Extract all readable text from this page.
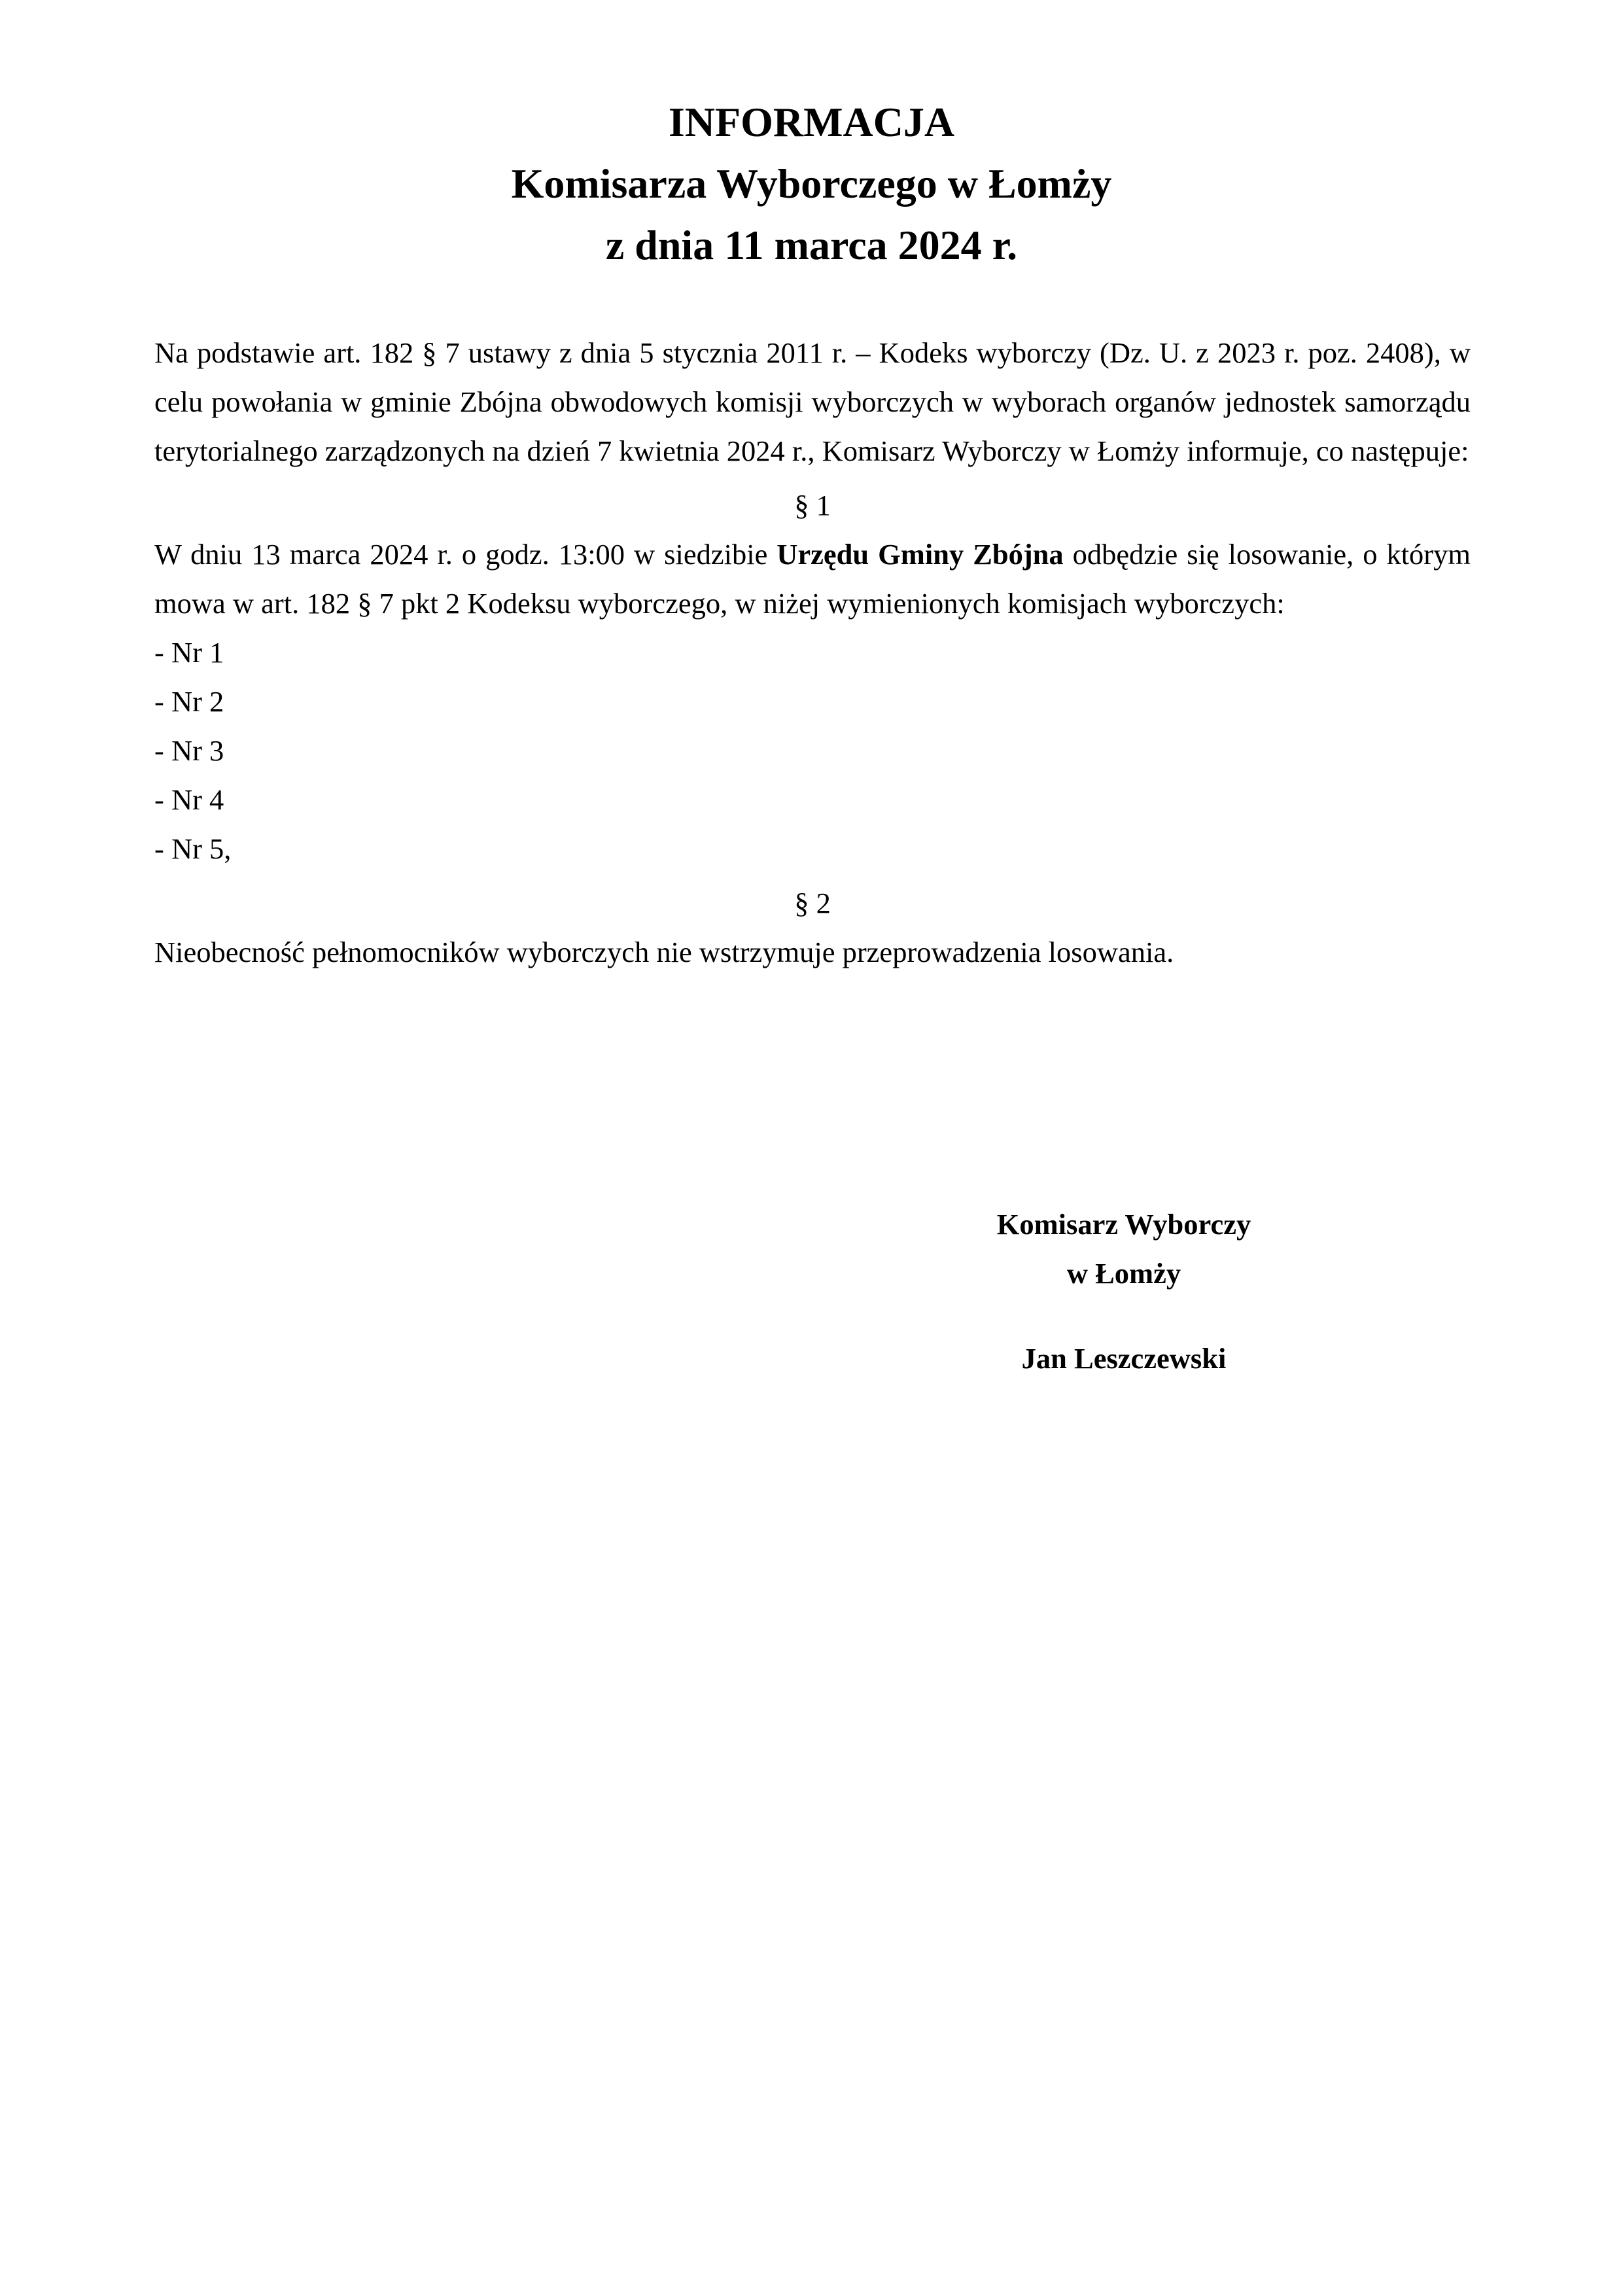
INFORMACJA
Komisarza Wyborczego w Łomży
z dnia 11 marca 2024 r.

Na podstawie art. 182 § 7 ustawy z dnia 5 stycznia 2011 r. – Kodeks wyborczy (Dz. U. z 2023 r. poz. 2408), w celu powołania w gminie Zbójna obwodowych komisji wyborczych w wyborach organów jednostek samorządu terytorialnego zarządzonych na dzień 7 kwietnia 2024 r., Komisarz Wyborczy w Łomży informuje, co następuje:

§ 1

W dniu 13 marca 2024 r. o godz. 13:00 w siedzibie Urzędu Gminy Zbójna odbędzie się losowanie, o którym mowa w art. 182 § 7 pkt 2 Kodeksu wyborczego, w niżej wymienionych komisjach wyborczych:

- Nr 1
- Nr 2
- Nr 3
- Nr 4
- Nr 5,
§ 2

Nieobecność pełnomocników wyborczych nie wstrzymuje przeprowadzenia losowania.

Komisarz Wyborczy
w Łomży
Jan Leszczewski
